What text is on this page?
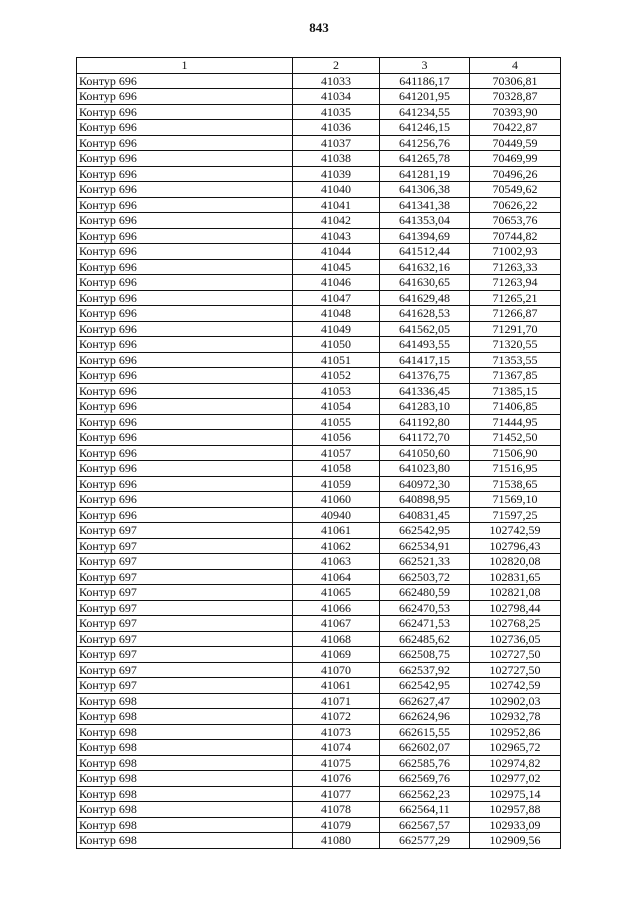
843
1	2	3	4
Контур 696	41033	641186,17	70306,81
Контур 696	41034	641201,95	70328,87
Контур 696	41035	641234,55	70393,90
Контур 696	41036	641246,15	70422,87
Контур 696	41037	641256,76	70449,59
Контур 696	41038	641265,78	70469,99
Контур 696	41039	641281,19	70496,26
Контур 696	41040	641306,38	70549,62
Контур 696	41041	641341,38	70626,22
Контур 696	41042	641353,04	70653,76
Контур 696	41043	641394,69	70744,82
Контур 696	41044	641512,44	71002,93
Контур 696	41045	641632,16	71263,33
Контур 696	41046	641630,65	71263,94
Контур 696	41047	641629,48	71265,21
Контур 696	41048	641628,53	71266,87
Контур 696	41049	641562,05	71291,70
Контур 696	41050	641493,55	71320,55
Контур 696	41051	641417,15	71353,55
Контур 696	41052	641376,75	71367,85
Контур 696	41053	641336,45	71385,15
Контур 696	41054	641283,10	71406,85
Контур 696	41055	641192,80	71444,95
Контур 696	41056	641172,70	71452,50
Контур 696	41057	641050,60	71506,90
Контур 696	41058	641023,80	71516,95
Контур 696	41059	640972,30	71538,65
Контур 696	41060	640898,95	71569,10
Контур 696	40940	640831,45	71597,25
Контур 697	41061	662542,95	102742,59
Контур 697	41062	662534,91	102796,43
Контур 697	41063	662521,33	102820,08
Контур 697	41064	662503,72	102831,65
Контур 697	41065	662480,59	102821,08
Контур 697	41066	662470,53	102798,44
Контур 697	41067	662471,53	102768,25
Контур 697	41068	662485,62	102736,05
Контур 697	41069	662508,75	102727,50
Контур 697	41070	662537,92	102727,50
Контур 697	41061	662542,95	102742,59
Контур 698	41071	662627,47	102902,03
Контур 698	41072	662624,96	102932,78
Контур 698	41073	662615,55	102952,86
Контур 698	41074	662602,07	102965,72
Контур 698	41075	662585,76	102974,82
Контур 698	41076	662569,76	102977,02
Контур 698	41077	662562,23	102975,14
Контур 698	41078	662564,11	102957,88
Контур 698	41079	662567,57	102933,09
Контур 698	41080	662577,29	102909,56
